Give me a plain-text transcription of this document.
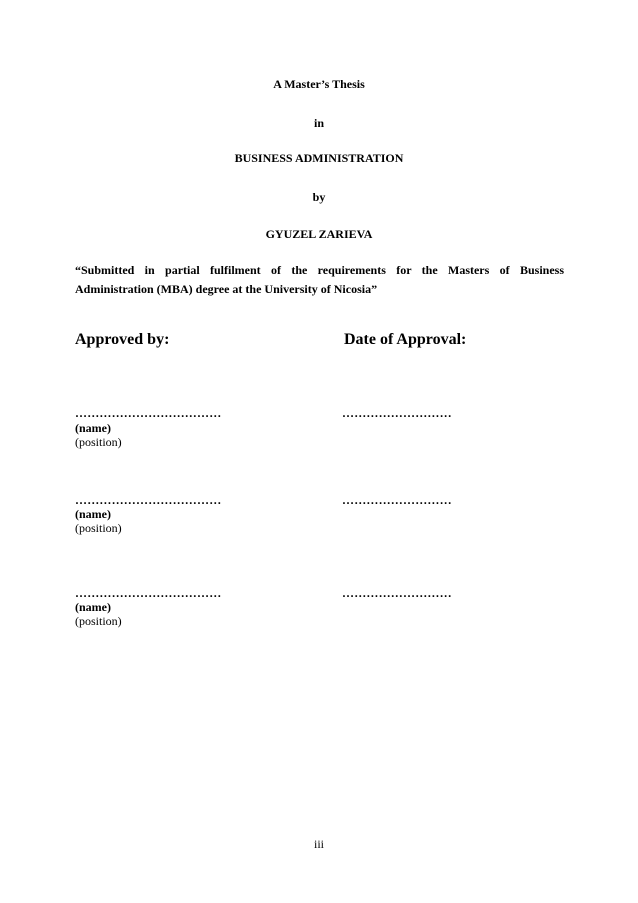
A Master’s Thesis
in
BUSINESS ADMINISTRATION
by
GYUZEL ZARIEVA
“Submitted in partial fulfilment of the requirements for the Masters of Business Administration (MBA) degree at the University of Nicosia”
Approved by:	Date of Approval:
………………………………	………………………
(name)
(position)
………………………………	………………………
(name)
(position)
………………………………	………………………
(name)
(position)
iii
